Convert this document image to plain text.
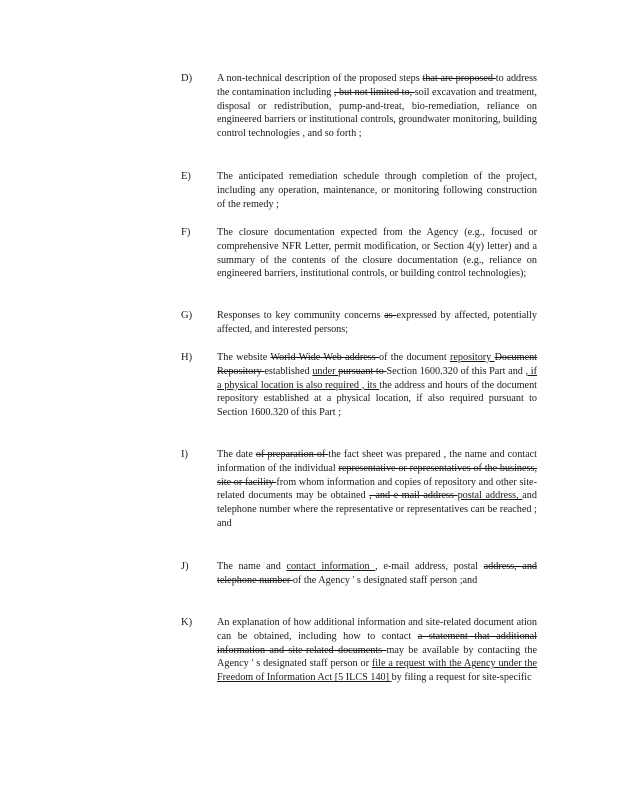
D) A non-technical description of the proposed steps that are proposed to address the contamination including , but not limited to, soil excavation and treatment, disposal or redistribution, pump-and-treat, bio-remediation, reliance on engineered barriers or institutional controls, groundwater monitoring, building control technologies , and so forth ;
E)	The anticipated remediation schedule through completion of the project, including any operation, maintenance, or monitoring following construction of the remedy ;
F)	The closure documentation expected from the Agency (e.g., focused or comprehensive NFR Letter, permit modification, or Section 4(y) letter) and a summary of the contents of the closure documentation (e.g., reliance on engineered barriers, institutional controls, or building control technologies);
G) Responses to key community concerns as expressed by affected, potentially affected, and interested persons;
H) The website World Wide Web address of the document repository Document Repository established under pursuant to Section 1600.320 of this Part and , if a physical location is also required , its the address and hours of the document repository established at a physical location, if also required pursuant to Section 1600.320 of this Part ;
I)	The date of preparation of the fact sheet was prepared , the name and contact information of the individual representative or representatives of the business, site or facility from whom information and copies of repository and other site-related documents may be obtained , and e-mail address postal address, and telephone number where the representative or representatives can be reached ; and
J)	The name and contact information , e-mail address, postal address, and telephone number of the Agency ' s designated staff person ;and
K) An explanation of how additional information and site-related document ation can be obtained, including how to contact a statement that additional information and site-related documents may be available by contacting the Agency ' s designated staff person or file a request with the Agency under the Freedom of Information Act [5 ILCS 140] by filing a request for site-specific
